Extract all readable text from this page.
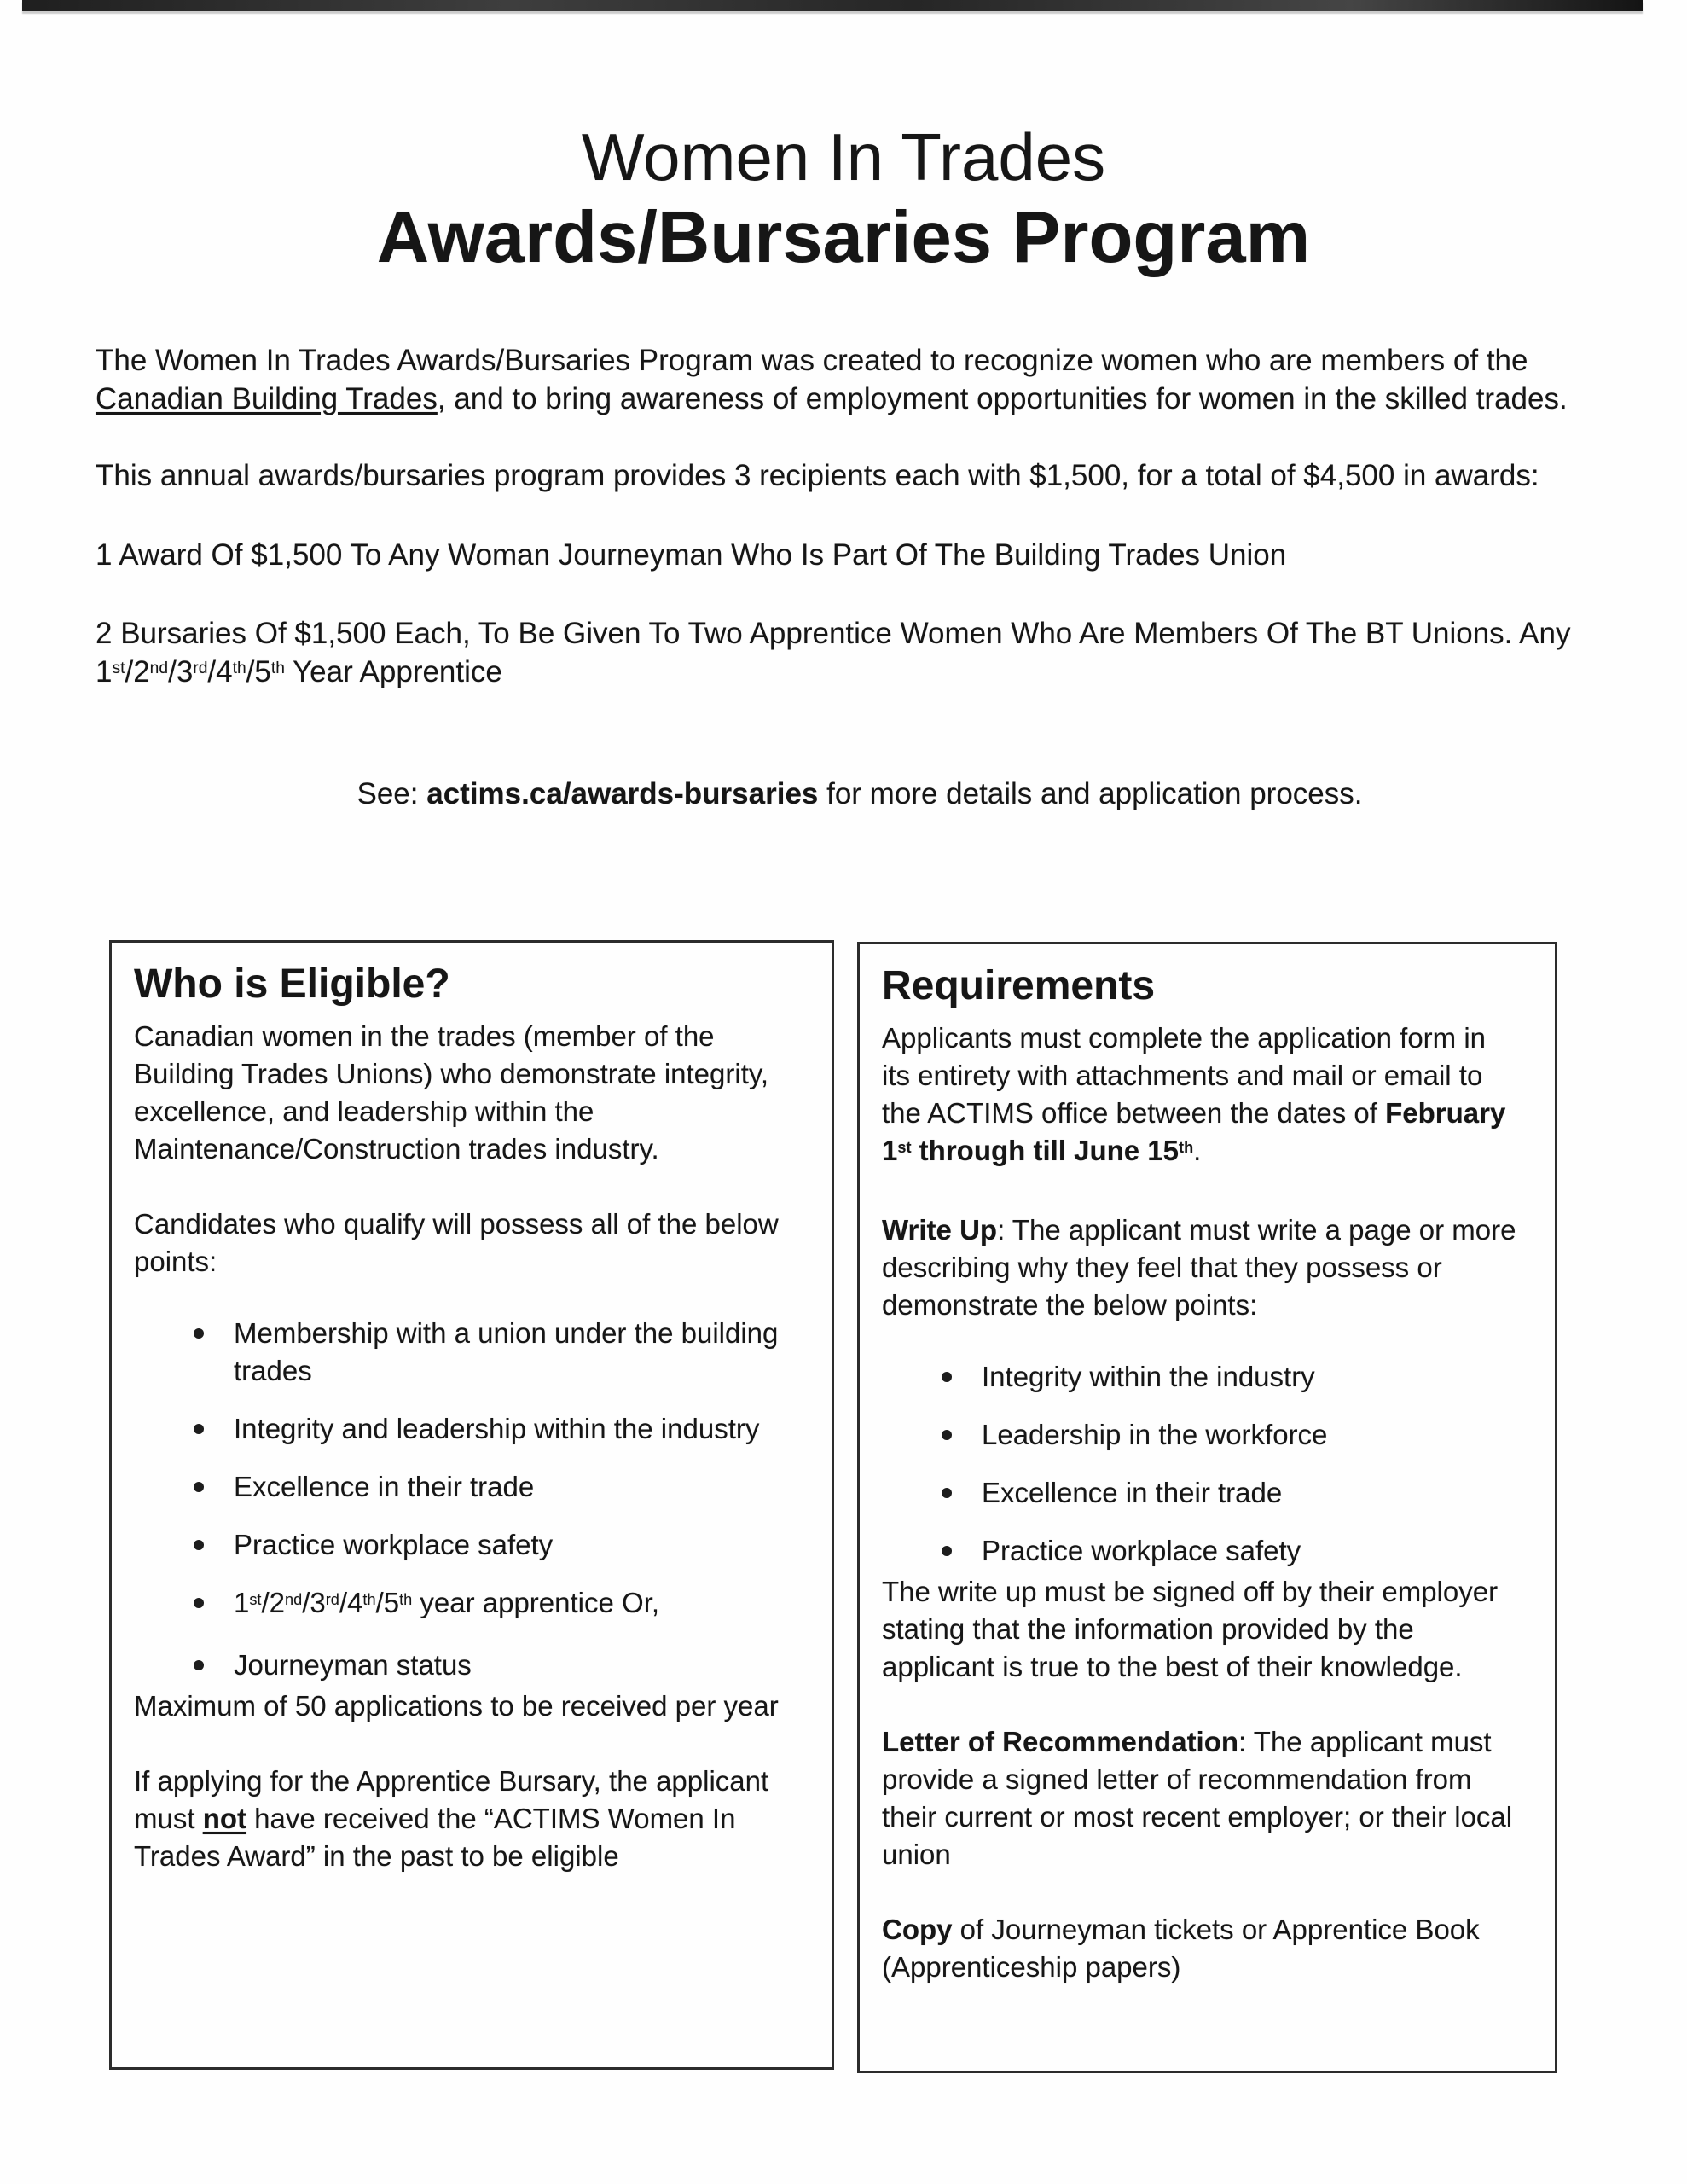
Women In Trades
Awards/Bursaries Program

The Women In Trades Awards/Bursaries Program was created to recognize women who are members of the Canadian Building Trades, and to bring awareness of employment opportunities for women in the skilled trades.

This annual awards/bursaries program provides 3 recipients each with $1,500, for a total of $4,500 in awards:

1 Award Of $1,500 To Any Woman Journeyman Who Is Part Of The Building Trades Union

2 Bursaries Of $1,500 Each, To Be Given To Two Apprentice Women Who Are Members Of The BT Unions. Any 1st/2nd/3rd/4th/5th Year Apprentice

See: actims.ca/awards-bursaries for more details and application process.

Who is Eligible?

Canadian women in the trades (member of the Building Trades Unions) who demonstrate integrity, excellence, and leadership within the Maintenance/Construction trades industry.

Candidates who qualify will possess all of the below points:

Membership with a union under the building trades
Integrity and leadership within the industry
Excellence in their trade
Practice workplace safety
1st/2nd/3rd/4th/5th year apprentice Or,
Journeyman status

Maximum of 50 applications to be received per year

If applying for the Apprentice Bursary, the applicant must not have received the “ACTIMS Women In Trades Award” in the past to be eligible

Requirements

Applicants must complete the application form in its entirety with attachments and mail or email to the ACTIMS office between the dates of February 1st through till June 15th.

Write Up: The applicant must write a page or more describing why they feel that they possess or demonstrate the below points:

Integrity within the industry
Leadership in the workforce
Excellence in their trade
Practice workplace safety

The write up must be signed off by their employer stating that the information provided by the applicant is true to the best of their knowledge.

Letter of Recommendation: The applicant must provide a signed letter of recommendation from their current or most recent employer; or their local union

Copy of Journeyman tickets or Apprentice Book (Apprenticeship papers)
